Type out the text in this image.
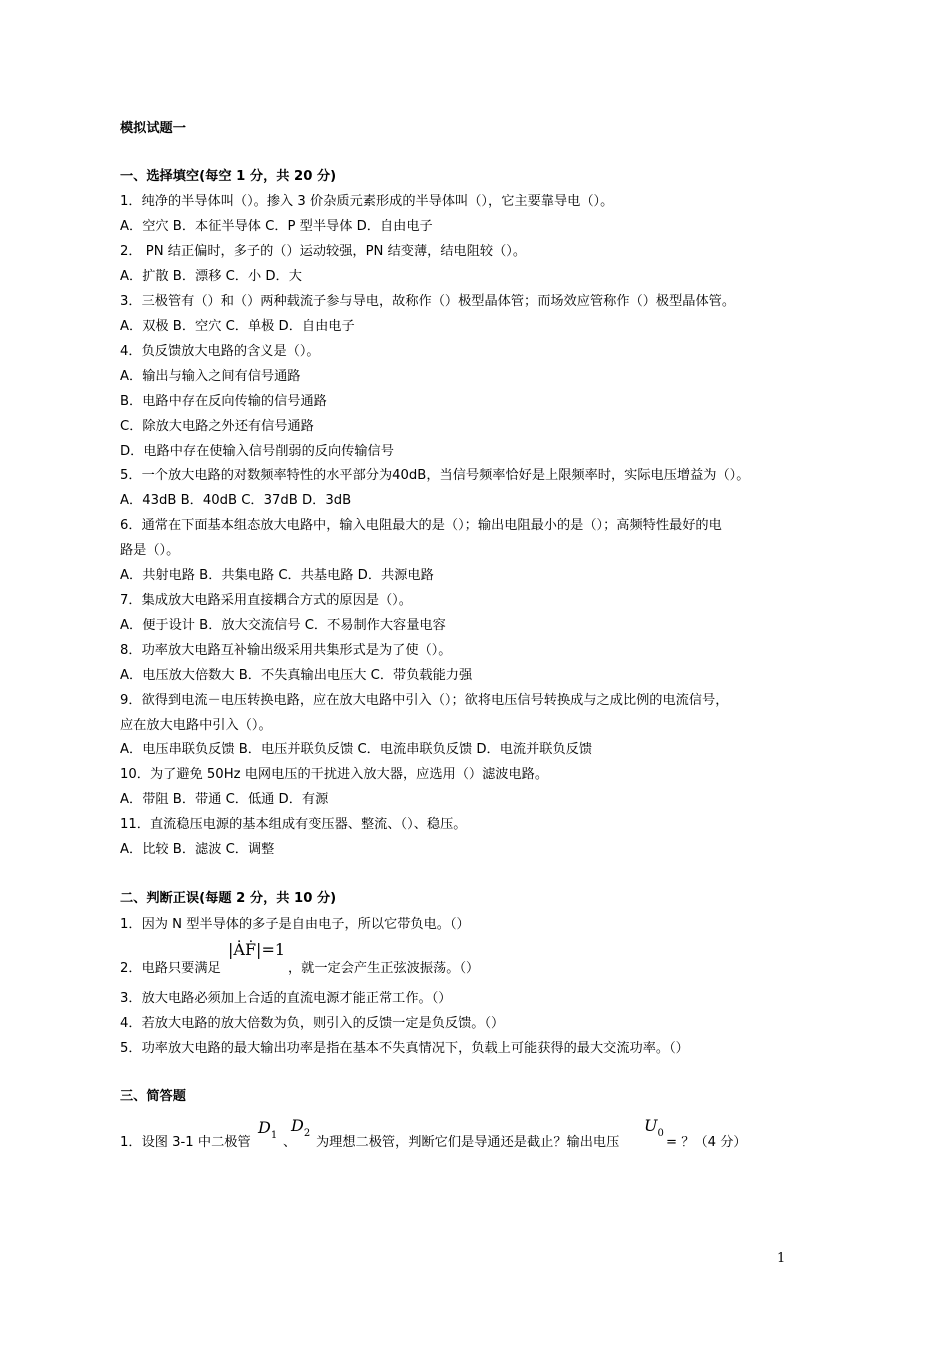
模拟试题一
一、选择填空(每空 1 分，共 20 分)
1．纯净的半导体叫（）。掺入 3 价杂质元素形成的半导体叫（），它主要靠导电（）。
A．空穴 B．本征半导体 C．P 型半导体 D．自由电子
2． PN 结正偏时，多子的（）运动较强，PN 结变薄，结电阻较（）。
A．扩散 B．漂移 C．小 D．大
3．三极管有（）和（）两种载流子参与导电，故称作（）极型晶体管；而场效应管称作（）极型晶体管。
A．双极 B．空穴 C．单极 D．自由电子
4．负反馈放大电路的含义是（）。
A．输出与输入之间有信号通路
B．电路中存在反向传输的信号通路
C．除放大电路之外还有信号通路
D．电路中存在使输入信号削弱的反向传输信号
5．一个放大电路的对数频率特性的水平部分为40dB，当信号频率恰好是上限频率时，实际电压增益为（）。
A．43dB B．40dB C．37dB D．3dB
6．通常在下面基本组态放大电路中，输入电阻最大的是（）；输出电阻最小的是（）；高频特性最好的电
路是（）。
A．共射电路 B．共集电路 C．共基电路 D．共源电路
7．集成放大电路采用直接耦合方式的原因是（）。
A．便于设计 B．放大交流信号 C．不易制作大容量电容
8．功率放大电路互补输出级采用共集形式是为了使（）。
A．电压放大倍数大 B．不失真输出电压大 C．带负载能力强
9．欲得到电流－电压转换电路，应在放大电路中引入（）；欲将电压信号转换成与之成比例的电流信号，
应在放大电路中引入（）。
A．电压串联负反馈 B．电压并联负反馈 C．电流串联负反馈 D．电流并联负反馈
10．为了避免 50Hz 电网电压的干扰进入放大器，应选用（）滤波电路。
A．带阻 B．带通 C．低通 D．有源
11．直流稳压电源的基本组成有变压器、整流、（）、稳压。
A．比较 B．滤波 C．调整
二、判断正误(每题 2 分，共 10 分)
1．因为 N 型半导体的多子是自由电子，所以它带负电。（）
2．电路只要满足
|ȦḞ|=1
，就一定会产生正弦波振荡。（）
3．放大电路必须加上合适的直流电源才能正常工作。（）
4．若放大电路的放大倍数为负，则引入的反馈一定是负反馈。（）
5．功率放大电路的最大输出功率是指在基本不失真情况下，负载上可能获得的最大交流功率。（）
三、简答题
1．设图 3-1 中二极管
$D_1$ 、
$D_2$
为理想二极管，判断它们是导通还是截止？输出电压
$U_0$
= ？（4 分）
1
